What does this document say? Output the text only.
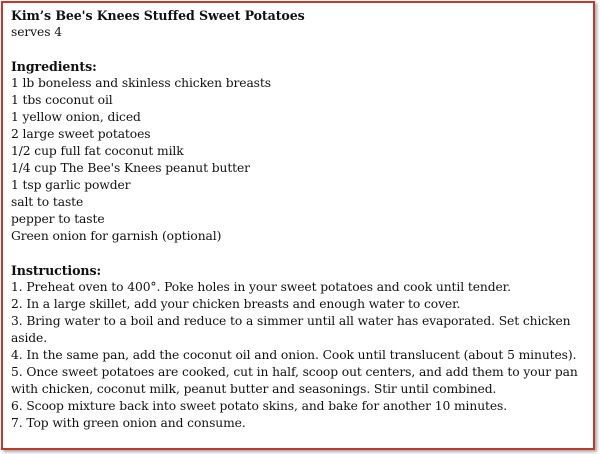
Kim’s Bee's Knees Stuffed Sweet Potatoes

serves 4

Ingredients:

1 lb boneless and skinless chicken breasts
1 tbs coconut oil
1 yellow onion, diced
2 large sweet potatoes
1/2 cup full fat coconut milk
1/4 cup The Bee's Knees peanut butter
1 tsp garlic powder
salt to taste
pepper to taste
Green onion for garnish (optional)

Instructions:

1. Preheat oven to 400°. Poke holes in your sweet potatoes and cook until tender.
2. In a large skillet, add your chicken breasts and enough water to cover.
3. Bring water to a boil and reduce to a simmer until all water has evaporated. Set chicken aside.
4. In the same pan, add the coconut oil and onion. Cook until translucent (about 5 minutes).
5. Once sweet potatoes are cooked, cut in half, scoop out centers, and add them to your pan with chicken, coconut milk, peanut butter and seasonings. Stir until combined.
6. Scoop mixture back into sweet potato skins, and bake for another 10 minutes.
7. Top with green onion and consume.
